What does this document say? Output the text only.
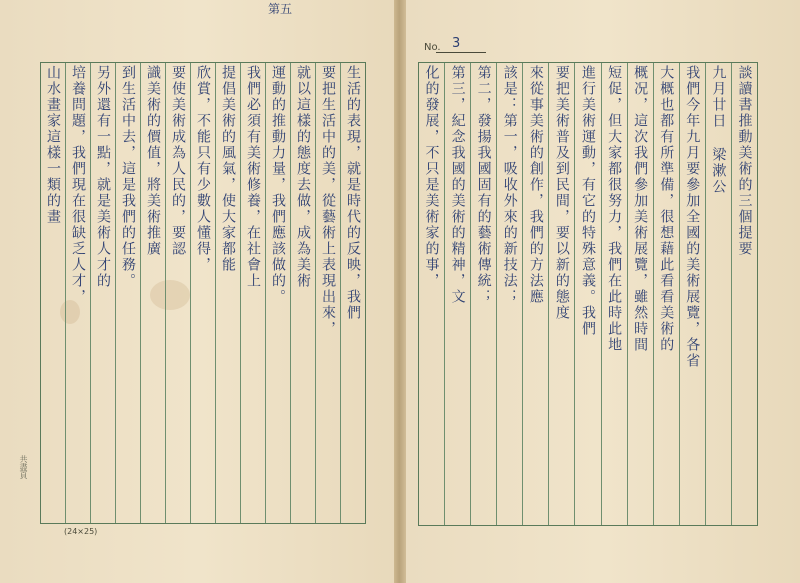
第五
No. 3
談讀書推動美術的三個提要
九月廿日 梁漱公
我們今年九月要參加全國的美術展覽，各省
大概也都有所準備，很想藉此看看美術的
概况，這次我們參加美術展覽，雖然時間
短促，但大家都很努力，我們在此時此地
進行美術運動，有它的特殊意義。我們
要把美術普及到民間，要以新的態度
來從事美術的創作，我們的方法應
該是：第一，吸收外來的新技法；
第二，發揚我國固有的藝術傳統；
第三，紀念我國的美術的精神，文
化的發展，不只是美術家的事，
生活的表現，就是時代的反映，我們
要把生活中的美，從藝術上表現出來，
就以這樣的態度去做，成為美術
運動的推動力量，我們應該做的。
我們必須有美術修養，在社會上
提倡美術的風氣，使大家都能
欣賞，不能只有少數人懂得，
要使美術成為人民的，要認
識美術的價值，將美術推廣
到生活中去，這是我們的任務。
另外還有一點，就是美術人才的
培養問題，我們現在很缺乏人才，
山水畫家這樣一類的畫
(24×25)
共盡頁
